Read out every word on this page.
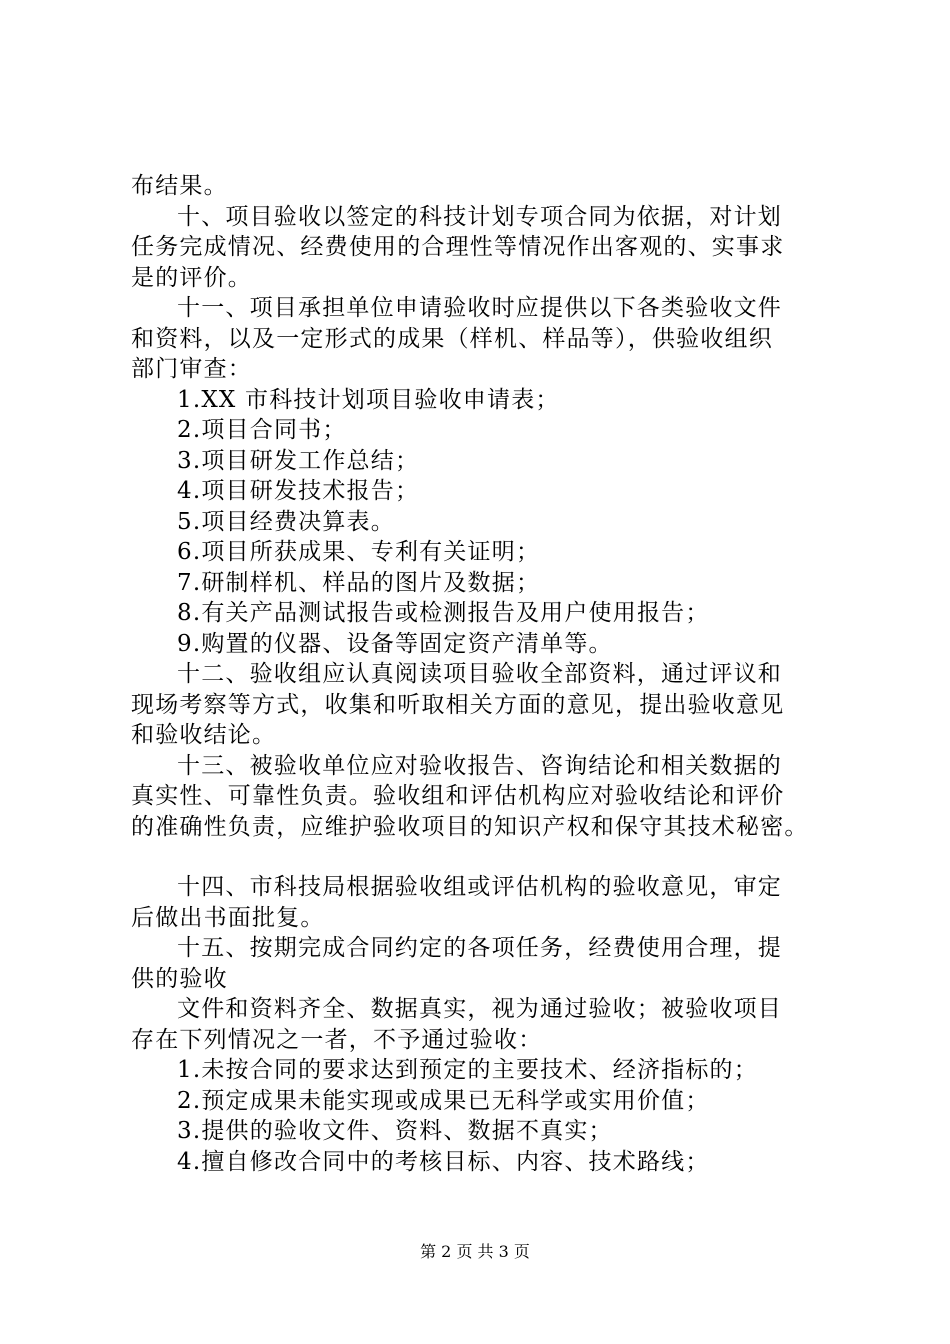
布结果。
十、项目验收以签定的科技计划专项合同为依据，对计划
任务完成情况、经费使用的合理性等情况作出客观的、实事求
是的评价。
十一、项目承担单位申请验收时应提供以下各类验收文件
和资料，以及一定形式的成果（样机、样品等），供验收组织
部门审查：
1.XX 市科技计划项目验收申请表；
2.项目合同书；
3.项目研发工作总结；
4.项目研发技术报告；
5.项目经费决算表。
6.项目所获成果、专利有关证明；
7.研制样机、样品的图片及数据；
8.有关产品测试报告或检测报告及用户使用报告；
9.购置的仪器、设备等固定资产清单等。
十二、验收组应认真阅读项目验收全部资料，通过评议和
现场考察等方式，收集和听取相关方面的意见，提出验收意见
和验收结论。
十三、被验收单位应对验收报告、咨询结论和相关数据的
真实性、可靠性负责。验收组和评估机构应对验收结论和评价
的准确性负责，应维护验收项目的知识产权和保守其技术秘密。
十四、市科技局根据验收组或评估机构的验收意见，审定
后做出书面批复。
十五、按期完成合同约定的各项任务，经费使用合理，提
供的验收
文件和资料齐全、数据真实，视为通过验收；被验收项目
存在下列情况之一者，不予通过验收：
1.未按合同的要求达到预定的主要技术、经济指标的；
2.预定成果未能实现或成果已无科学或实用价值；
3.提供的验收文件、资料、数据不真实；
4.擅自修改合同中的考核目标、内容、技术路线；
第 2 页 共 3 页
